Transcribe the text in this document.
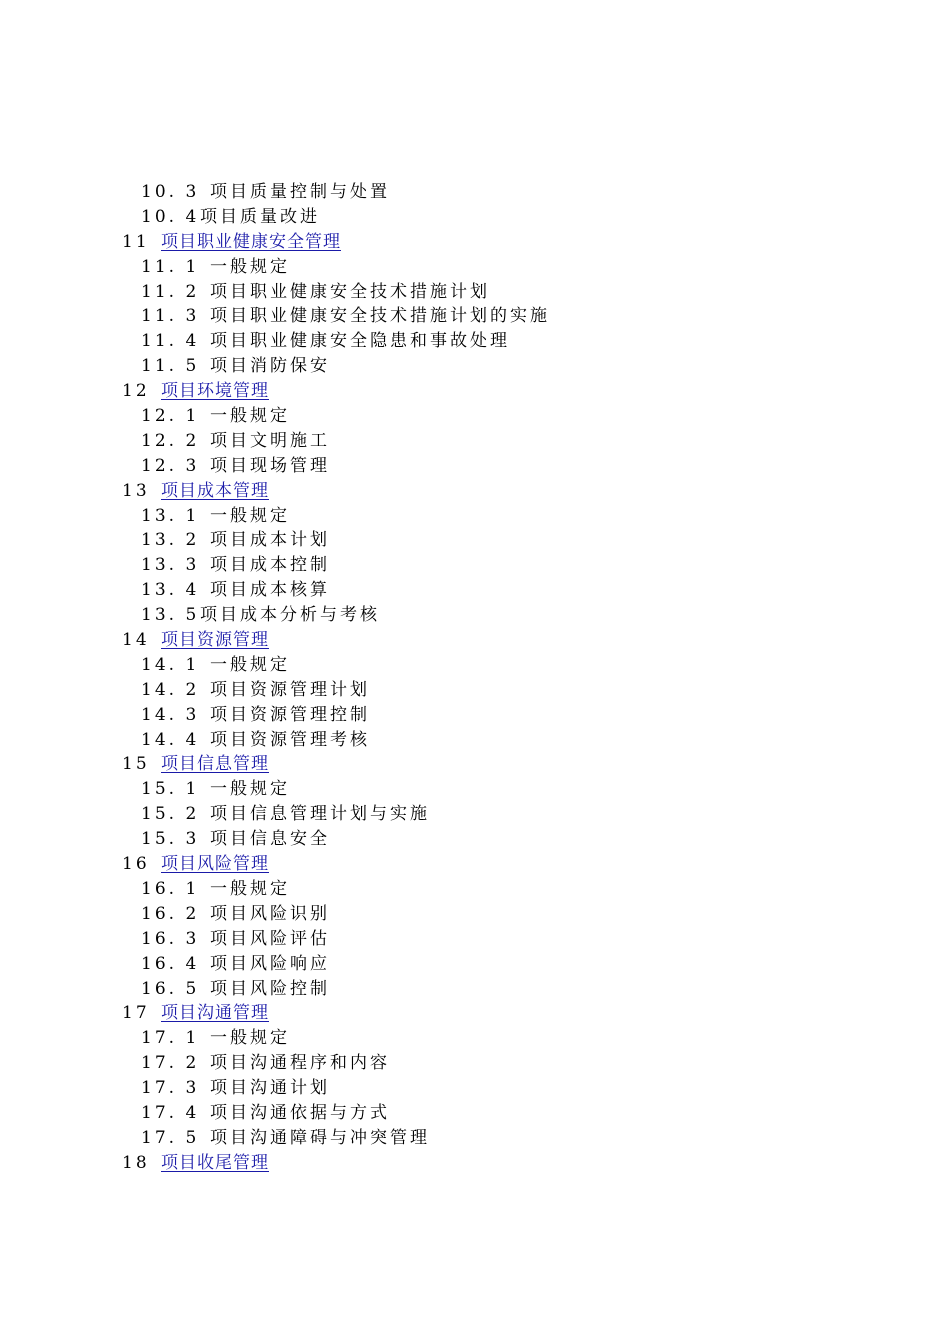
10. 3 项目质量控制与处置
10. 4项目质量改进
11 项目职业健康安全管理
11. 1 一般规定
11. 2 项目职业健康安全技术措施计划
11. 3 项目职业健康安全技术措施计划的实施
11. 4 项目职业健康安全隐患和事故处理
11. 5 项目消防保安
12 项目环境管理
12. 1 一般规定
12. 2 项目文明施工
12. 3 项目现场管理
13 项目成本管理
13. 1 一般规定
13. 2 项目成本计划
13. 3 项目成本控制
13. 4 项目成本核算
13. 5项目成本分析与考核
14 项目资源管理
14. 1 一般规定
14. 2 项目资源管理计划
14. 3 项目资源管理控制
14. 4 项目资源管理考核
15 项目信息管理
15. 1 一般规定
15. 2 项目信息管理计划与实施
15. 3 项目信息安全
16 项目风险管理
16. 1 一般规定
16. 2 项目风险识别
16. 3 项目风险评估
16. 4 项目风险响应
16. 5 项目风险控制
17 项目沟通管理
17. 1 一般规定
17. 2 项目沟通程序和内容
17. 3 项目沟通计划
17. 4 项目沟通依据与方式
17. 5 项目沟通障碍与冲突管理
18 项目收尾管理
